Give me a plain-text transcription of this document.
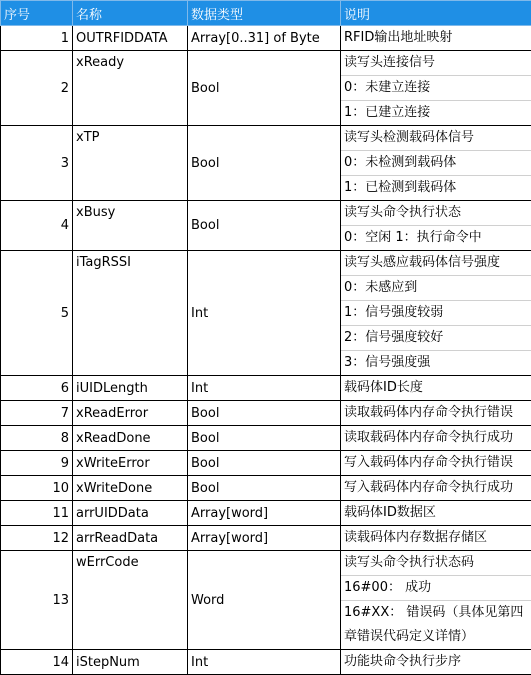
序号	名称	数据类型	说明
1	OUTRFIDDATA	Array[0..31] of Byte	RFID输出地址映射

2	xReady	Bool	读写头连接信号
0：未建立连接
1：已建立连接

3	xTP	Bool	读写头检测载码体信号
0：未检测到载码体
1：已检测到载码体

4	xBusy	Bool	读写头命令执行状态
0：空闲 1：执行命令中

5	iTagRSSI	Int	读写头感应载码体信号强度
0：未感应到
1：信号强度较弱
2：信号强度较好
3：信号强度强

6	iUIDLength	Int	载码体ID长度

7	xReadError	Bool	读取载码体内存命令执行错误

8	xReadDone	Bool	读取载码体内存命令执行成功

9	xWriteError	Bool	写入载码体内存命令执行错误

10	xWriteDone	Bool	写入载码体内存命令执行成功

11	arrUIDData	Array[word]	载码体ID数据区

12	arrReadData	Array[word]	读载码体内存数据存储区

13	wErrCode	Word	读写头命令执行状态码
16#00： 成功
16#XX： 错误码（具体见第四章错误代码定义详情）

14	iStepNum	Int	功能块命令执行步序
